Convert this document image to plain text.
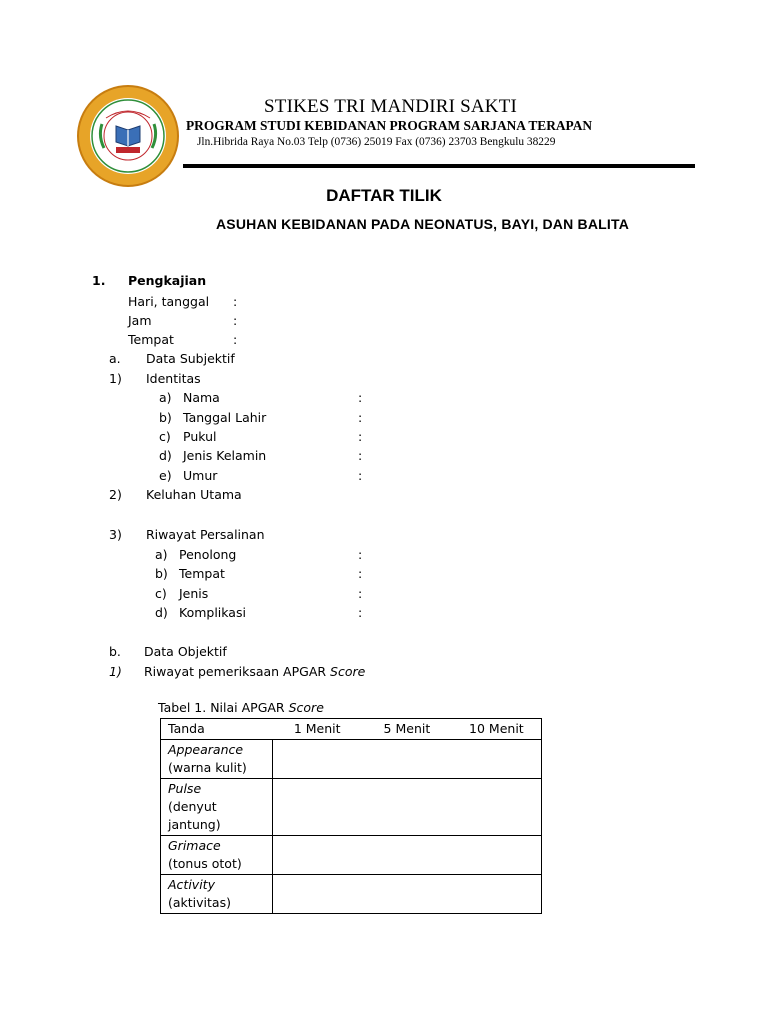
STIKES TRI MANDIRI SAKTI
PROGRAM STUDI KEBIDANAN PROGRAM SARJANA TERAPAN
Jln.Hibrida Raya No.03 Telp (0736) 25019 Fax (0736) 23703 Bengkulu 38229
DAFTAR TILIK
ASUHAN KEBIDANAN PADA NEONATUS, BAYI, DAN BALITA
1. Pengkajian
Hari, tanggal :
Jam	:
Tempat	:
a. Data Subjektif
1) Identitas
a) Nama	:
b) Tanggal Lahir	:
c) Pukul	:
d) Jenis Kelamin	:
e) Umur	:
2) Keluhan Utama
3) Riwayat Persalinan
a) Penolong	:
b) Tempat	:
c) Jenis	:
d) Komplikasi	:
b. Data Objektif
1) Riwayat pemeriksaan APGAR Score
Tabel 1. Nilai APGAR Score
Tanda	1 Menit	5 Menit	10 Menit

Appearance
(warna kulit)			

Pulse
(denyut jantung)			

Grimace
(tonus otot)			

Activity
(aktivitas)			
